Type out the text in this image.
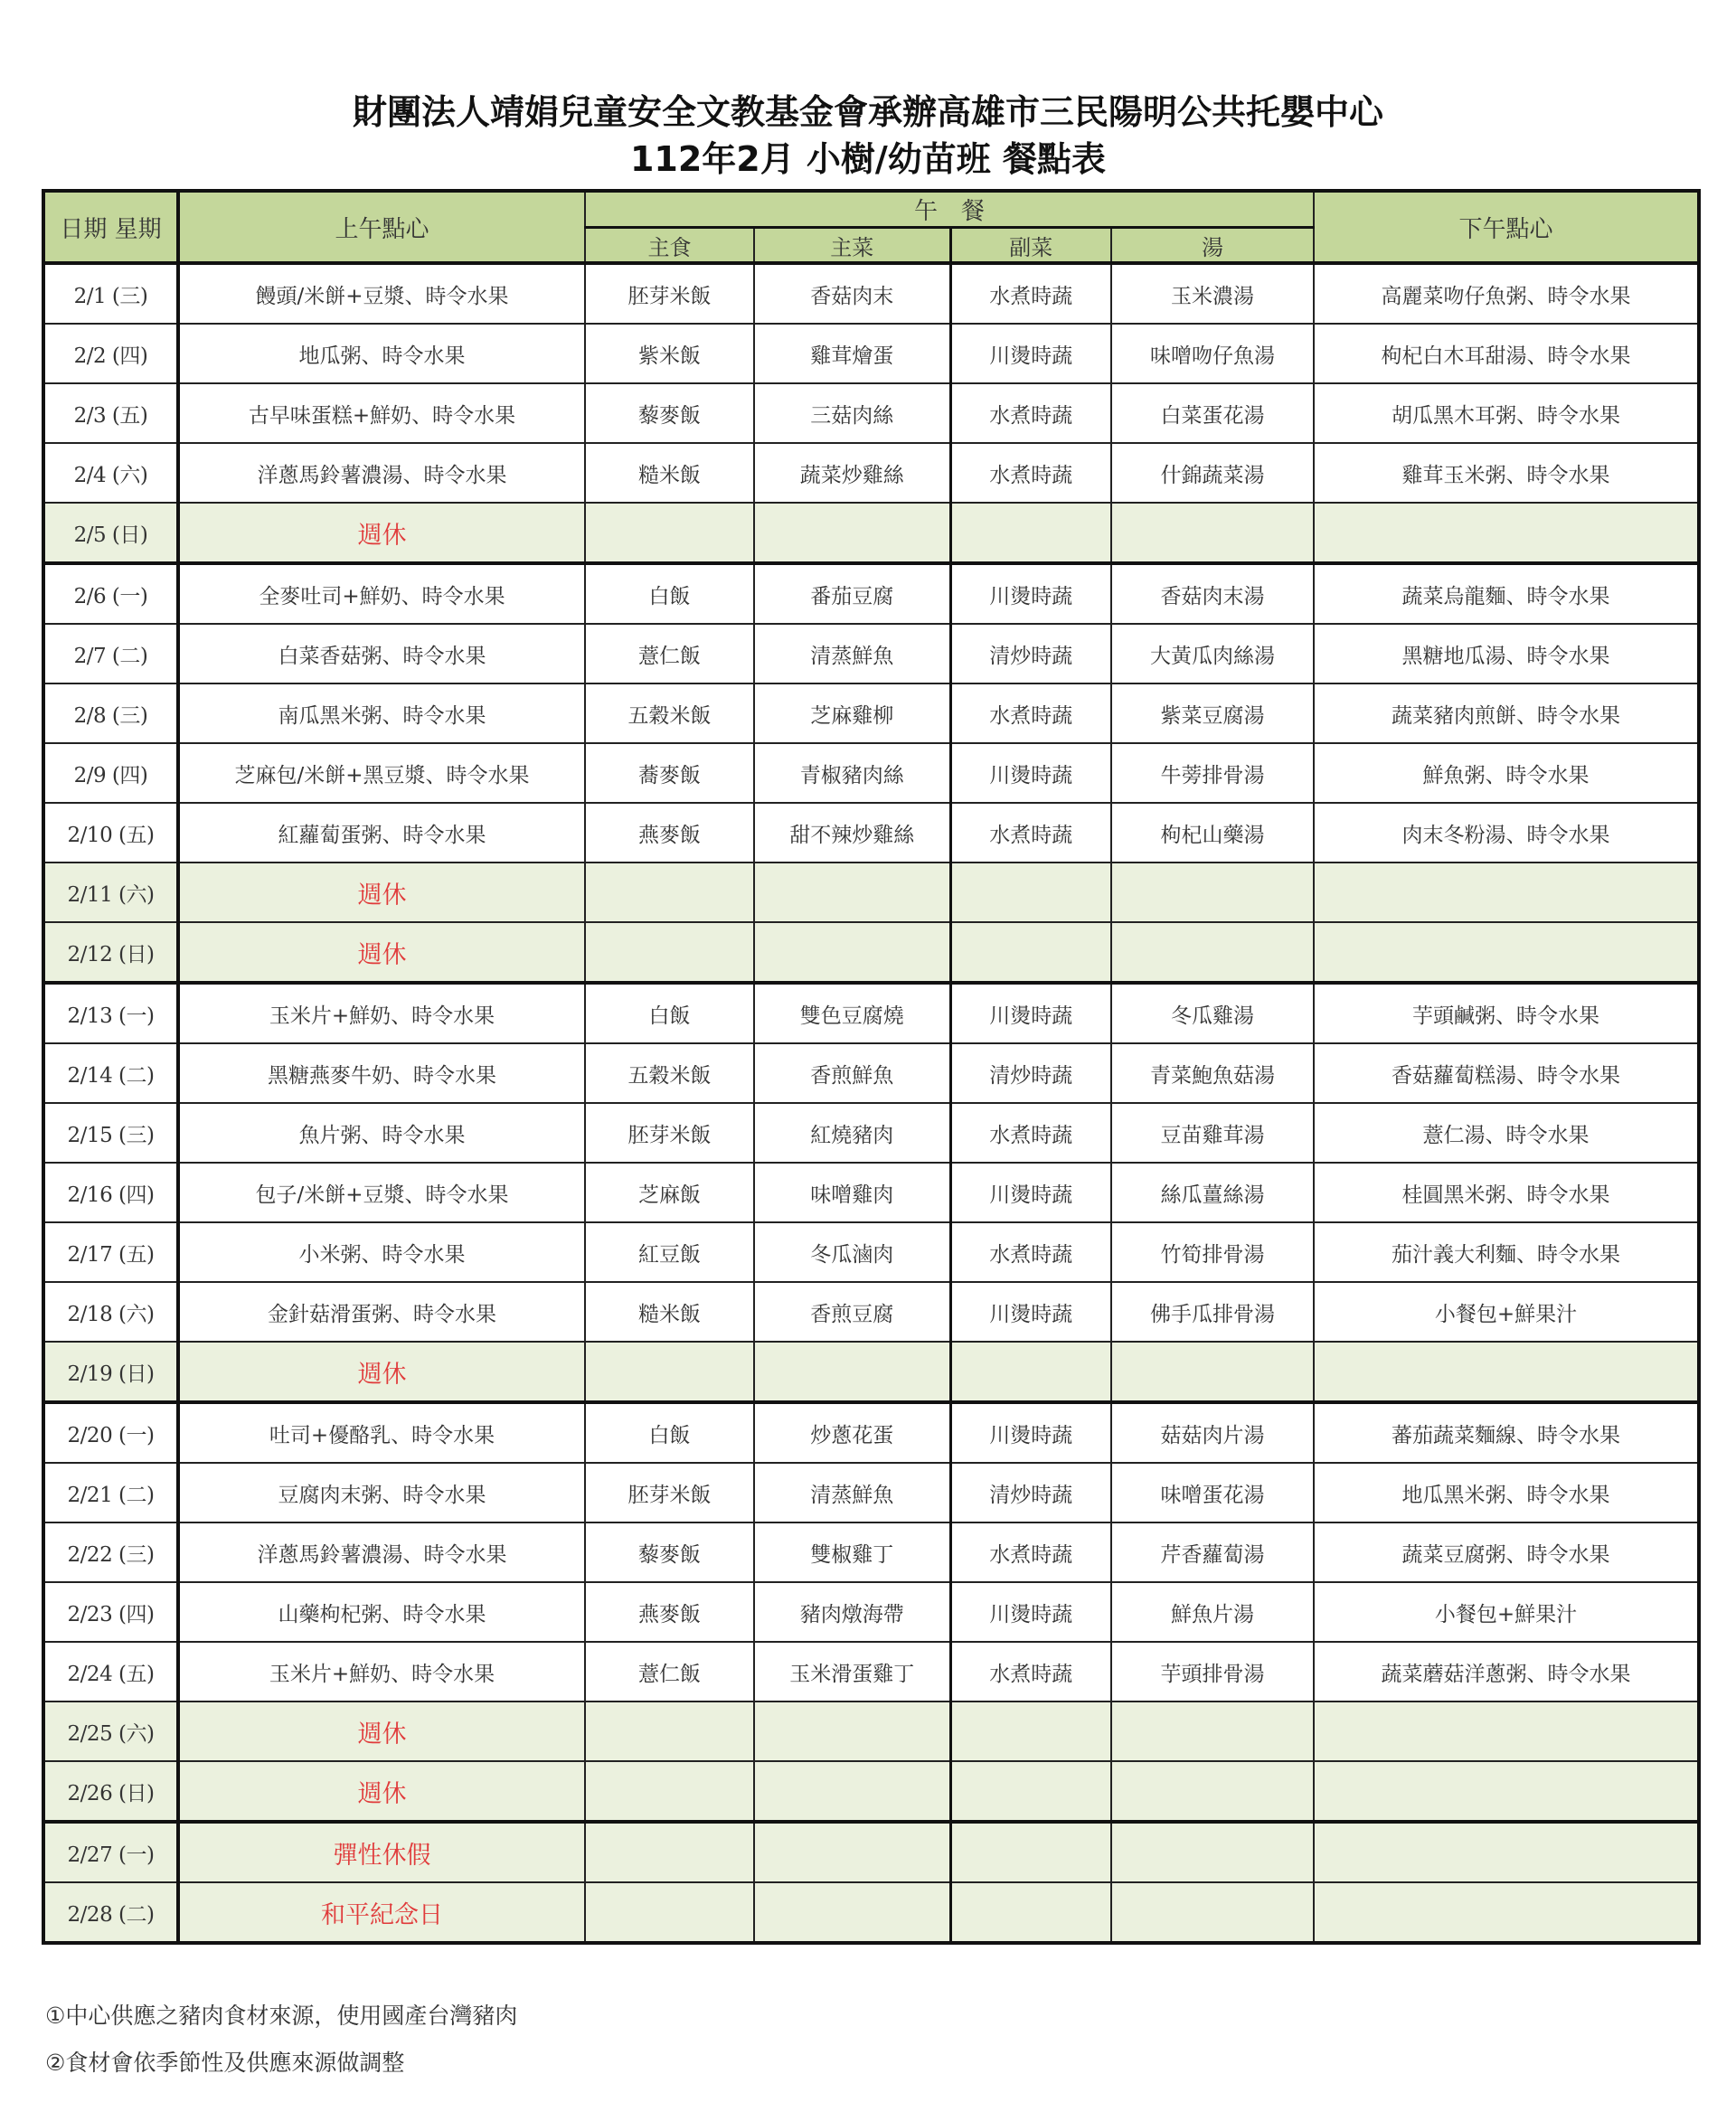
財團法人靖娟兒童安全文教基金會承辦高雄市三民陽明公共托嬰中心
112年2月 小樹/幼苗班 餐點表
日期 星期	上午點心	午　餐				下午點心
		主食	主菜	副菜	湯	
2/1 (三)	饅頭/米餅+豆漿、時令水果	胚芽米飯	香菇肉末	水煮時蔬	玉米濃湯	高麗菜吻仔魚粥、時令水果
2/2 (四)	地瓜粥、時令水果	紫米飯	雞茸燴蛋	川燙時蔬	味噌吻仔魚湯	枸杞白木耳甜湯、時令水果
2/3 (五)	古早味蛋糕+鮮奶、時令水果	藜麥飯	三菇肉絲	水煮時蔬	白菜蛋花湯	胡瓜黑木耳粥、時令水果
2/4 (六)	洋蔥馬鈴薯濃湯、時令水果	糙米飯	蔬菜炒雞絲	水煮時蔬	什錦蔬菜湯	雞茸玉米粥、時令水果
2/5 (日)	週休					
2/6 (一)	全麥吐司+鮮奶、時令水果	白飯	番茄豆腐	川燙時蔬	香菇肉末湯	蔬菜烏龍麵、時令水果
2/7 (二)	白菜香菇粥、時令水果	薏仁飯	清蒸鮮魚	清炒時蔬	大黃瓜肉絲湯	黑糖地瓜湯、時令水果
2/8 (三)	南瓜黑米粥、時令水果	五穀米飯	芝麻雞柳	水煮時蔬	紫菜豆腐湯	蔬菜豬肉煎餅、時令水果
2/9 (四)	芝麻包/米餅+黑豆漿、時令水果	蕎麥飯	青椒豬肉絲	川燙時蔬	牛蒡排骨湯	鮮魚粥、時令水果
2/10 (五)	紅蘿蔔蛋粥、時令水果	燕麥飯	甜不辣炒雞絲	水煮時蔬	枸杞山藥湯	肉末冬粉湯、時令水果
2/11 (六)	週休					
2/12 (日)	週休					
2/13 (一)	玉米片+鮮奶、時令水果	白飯	雙色豆腐燒	川燙時蔬	冬瓜雞湯	芋頭鹹粥、時令水果
2/14 (二)	黑糖燕麥牛奶、時令水果	五穀米飯	香煎鮮魚	清炒時蔬	青菜鮑魚菇湯	香菇蘿蔔糕湯、時令水果
2/15 (三)	魚片粥、時令水果	胚芽米飯	紅燒豬肉	水煮時蔬	豆苗雞茸湯	薏仁湯、時令水果
2/16 (四)	包子/米餅+豆漿、時令水果	芝麻飯	味噌雞肉	川燙時蔬	絲瓜薑絲湯	桂圓黑米粥、時令水果
2/17 (五)	小米粥、時令水果	紅豆飯	冬瓜滷肉	水煮時蔬	竹筍排骨湯	茄汁義大利麵、時令水果
2/18 (六)	金針菇滑蛋粥、時令水果	糙米飯	香煎豆腐	川燙時蔬	佛手瓜排骨湯	小餐包+鮮果汁
2/19 (日)	週休					
2/20 (一)	吐司+優酪乳、時令水果	白飯	炒蔥花蛋	川燙時蔬	菇菇肉片湯	蕃茄蔬菜麵線、時令水果
2/21 (二)	豆腐肉末粥、時令水果	胚芽米飯	清蒸鮮魚	清炒時蔬	味噌蛋花湯	地瓜黑米粥、時令水果
2/22 (三)	洋蔥馬鈴薯濃湯、時令水果	藜麥飯	雙椒雞丁	水煮時蔬	芹香蘿蔔湯	蔬菜豆腐粥、時令水果
2/23 (四)	山藥枸杞粥、時令水果	燕麥飯	豬肉燉海帶	川燙時蔬	鮮魚片湯	小餐包+鮮果汁
2/24 (五)	玉米片+鮮奶、時令水果	薏仁飯	玉米滑蛋雞丁	水煮時蔬	芋頭排骨湯	蔬菜蘑菇洋蔥粥、時令水果
2/25 (六)	週休					
2/26 (日)	週休					
2/27 (一)	彈性休假					
2/28 (二)	和平紀念日					
①中心供應之豬肉食材來源，使用國產台灣豬肉
②食材會依季節性及供應來源做調整
